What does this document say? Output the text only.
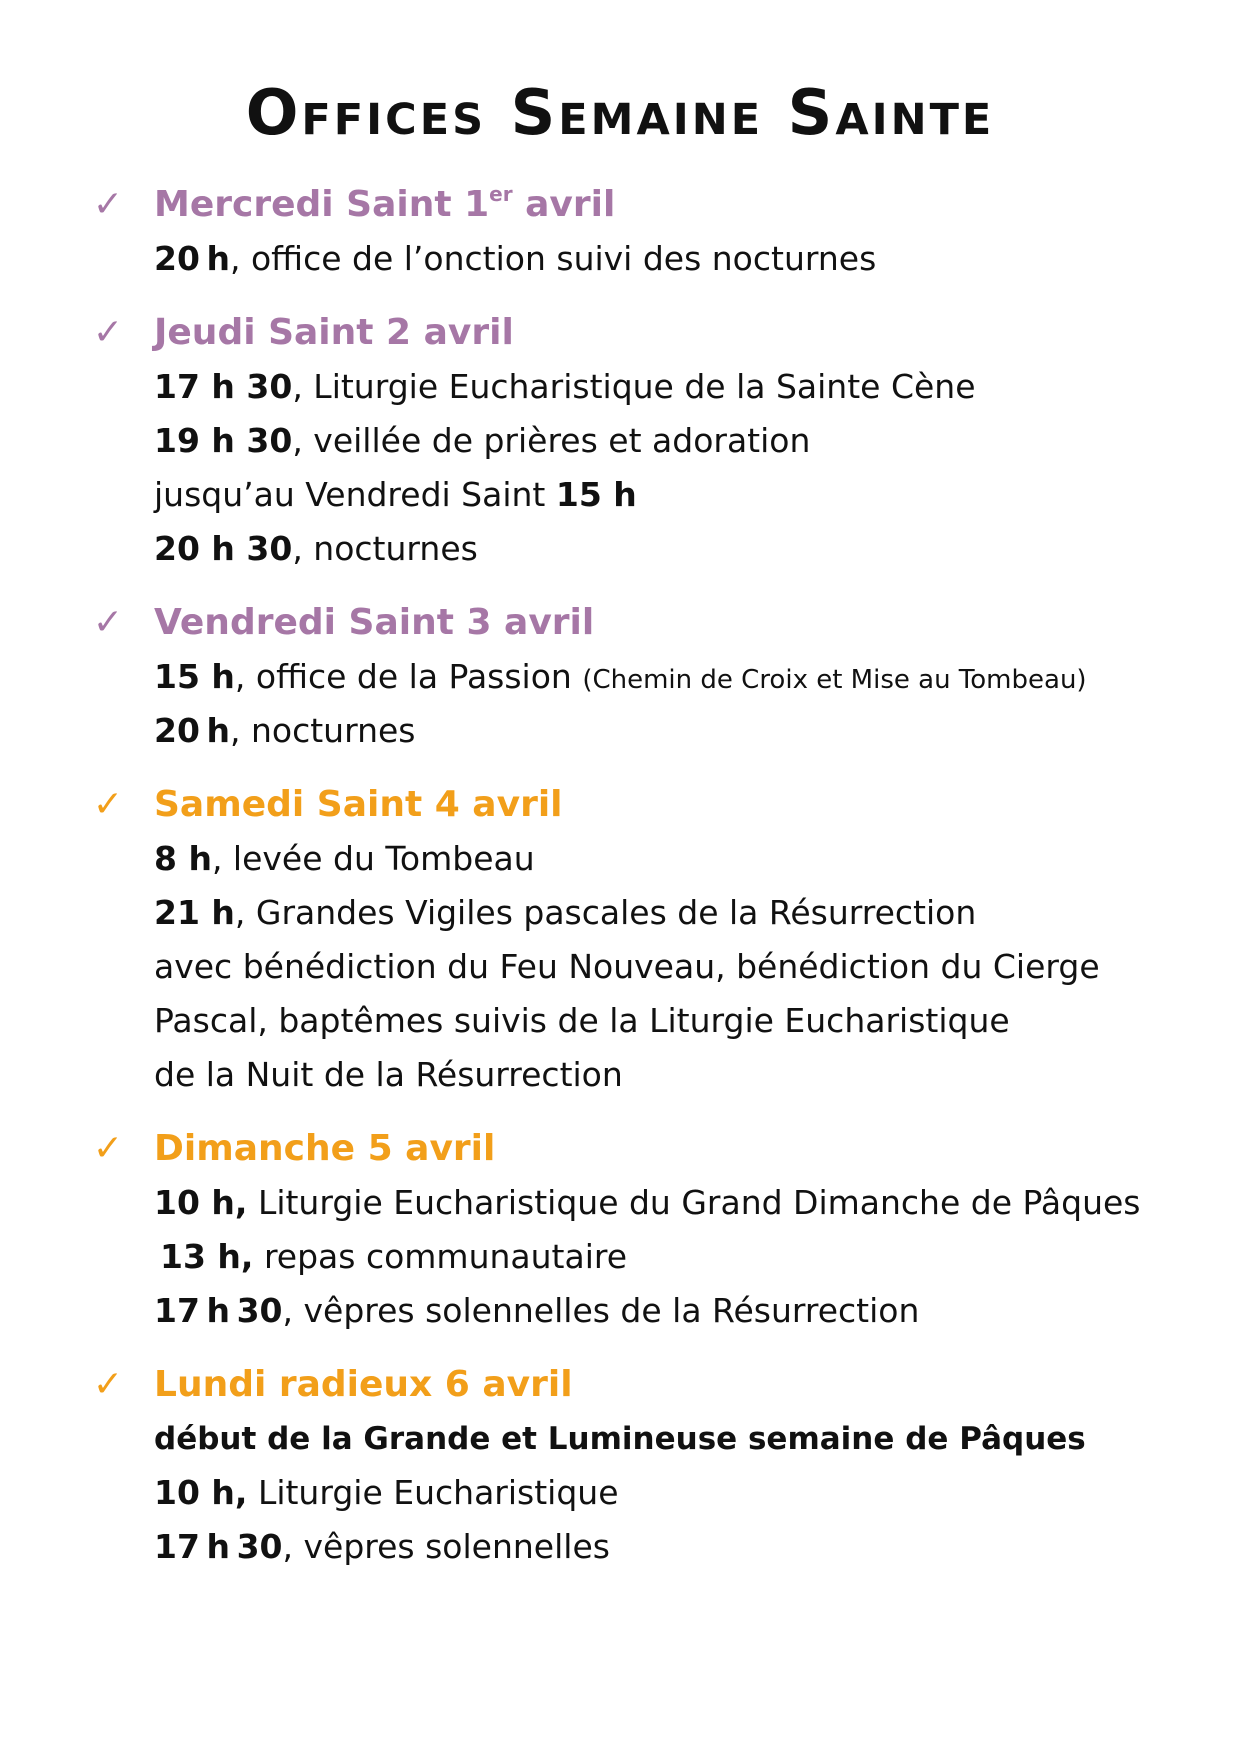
Offices Semaine Sainte
✓ Mercredi Saint 1er avril
20 h, office de l’onction suivi des nocturnes
✓ Jeudi Saint 2 avril
17 h 30, Liturgie Eucharistique de la Sainte Cène
19 h 30, veillée de prières et adoration
jusqu’au Vendredi Saint 15 h
20 h 30, nocturnes
✓ Vendredi Saint 3 avril
15 h, office de la Passion (Chemin de Croix et Mise au Tombeau)
20 h, nocturnes
✓ Samedi Saint 4 avril
8 h, levée du Tombeau
21 h, Grandes Vigiles pascales de la Résurrection
avec bénédiction du Feu Nouveau, bénédiction du Cierge
Pascal, baptêmes suivis de la Liturgie Eucharistique
de la Nuit de la Résurrection
✓ Dimanche 5 avril
10 h, Liturgie Eucharistique du Grand Dimanche de Pâques
13 h, repas communautaire
17 h 30, vêpres solennelles de la Résurrection
✓ Lundi radieux 6 avril
début de la Grande et Lumineuse semaine de Pâques
10 h, Liturgie Eucharistique
17 h 30, vêpres solennelles
